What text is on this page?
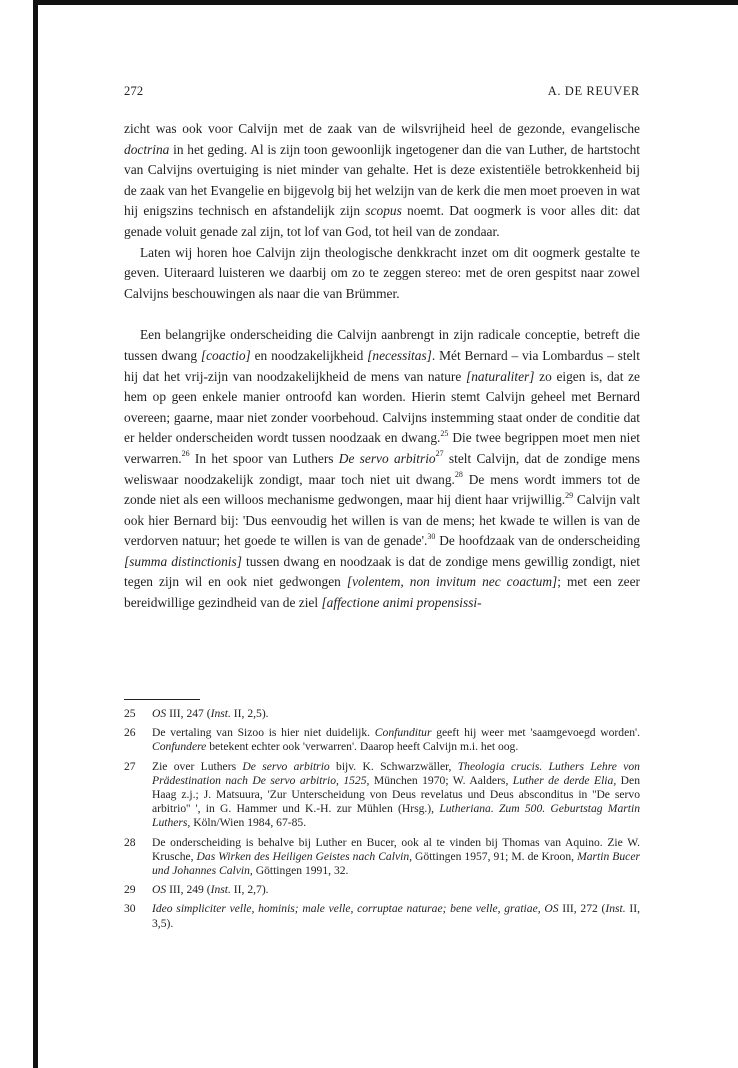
272	A. DE REUVER

zicht was ook voor Calvijn met de zaak van de wilsvrijheid heel de gezonde, evangelische doctrina in het geding. Al is zijn toon gewoonlijk ingetogener dan die van Luther, de hartstocht van Calvijns overtuiging is niet minder van gehalte. Het is deze existentiële betrokkenheid bij de zaak van het Evangelie en bijgevolg bij het welzijn van de kerk die men moet proeven in wat hij enigszins technisch en afstandelijk zijn scopus noemt. Dat oogmerk is voor alles dit: dat genade voluit genade zal zijn, tot lof van God, tot heil van de zondaar.

Laten wij horen hoe Calvijn zijn theologische denkkracht inzet om dit oogmerk gestalte te geven. Uiteraard luisteren we daarbij om zo te zeggen stereo: met de oren gespitst naar zowel Calvijns beschouwingen als naar die van Brümmer.

Een belangrijke onderscheiding die Calvijn aanbrengt in zijn radicale conceptie, betreft die tussen dwang [coactio] en noodzakelijkheid [necessitas]. Mét Bernard – via Lombardus – stelt hij dat het vrij-zijn van noodzakelijkheid de mens van nature [naturaliter] zo eigen is, dat ze hem op geen enkele manier ontroofd kan worden. Hierin stemt Calvijn geheel met Bernard overeen; gaarne, maar niet zonder voorbehoud. Calvijns instemming staat onder de conditie dat er helder onderscheiden wordt tussen noodzaak en dwang.$^{25}$ Die twee begrippen moet men niet verwarren.$^{26}$ In het spoor van Luthers De servo arbitrio$^{27}$ stelt Calvijn, dat de zondige mens weliswaar noodzakelijk zondigt, maar toch niet uit dwang.$^{28}$ De mens wordt immers tot de zonde niet als een willoos mechanisme gedwongen, maar hij dient haar vrijwillig.$^{29}$ Calvijn valt ook hier Bernard bij: 'Dus eenvoudig het willen is van de mens; het kwade te willen is van de verdorven natuur; het goede te willen is van de genade'.$^{30}$ De hoofdzaak van de onderscheiding [summa distinctionis] tussen dwang en noodzaak is dat de zondige mens gewillig zondigt, niet tegen zijn wil en ook niet gedwongen [volentem, non invitum nec coactum]; met een zeer bereidwillige gezindheid van de ziel [affectione animi propensissi-

25 OS III, 247 (Inst. II, 2,5).
26 De vertaling van Sizoo is hier niet duidelijk. Confunditur geeft hij weer met 'saamgevoegd worden'. Confundere betekent echter ook 'verwarren'. Daarop heeft Calvijn m.i. het oog.
27 Zie over Luthers De servo arbitrio bijv. K. Schwarzwäller, Theologia crucis. Luthers Lehre von Prädestination nach De servo arbitrio, 1525, München 1970; W. Aalders, Luther de derde Elia, Den Haag z.j.; J. Matsuura, 'Zur Unterscheidung von Deus revelatus und Deus absconditus in ''De servo arbitrio'' ', in G. Hammer und K.-H. zur Mühlen (Hrsg.), Lutheriana. Zum 500. Geburtstag Martin Luthers, Köln/Wien 1984, 67-85.
28 De onderscheiding is behalve bij Luther en Bucer, ook al te vinden bij Thomas van Aquino. Zie W. Krusche, Das Wirken des Heiligen Geistes nach Calvin, Göttingen 1957, 91; M. de Kroon, Martin Bucer und Johannes Calvin, Göttingen 1991, 32.
29 OS III, 249 (Inst. II, 2,7).
30 Ideo simpliciter velle, hominis; male velle, corruptae naturae; bene velle, gratiae, OS III, 272 (Inst. II, 3,5).
